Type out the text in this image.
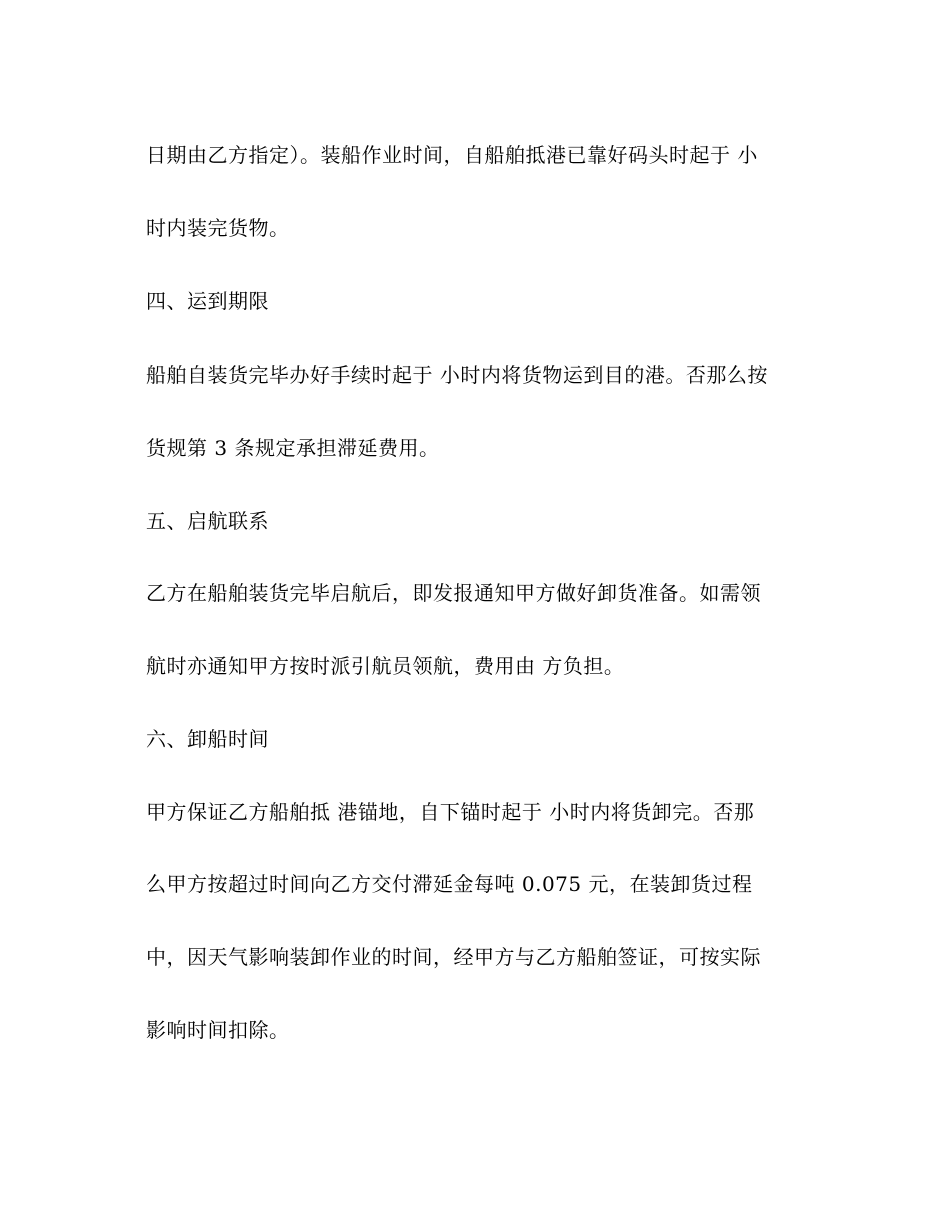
日期由乙方指定）。装船作业时间，自船舶抵港已靠好码头时起于 小
时内装完货物。
四、运到期限
船舶自装货完毕办好手续时起于 小时内将货物运到目的港。否那么按
货规第 3 条规定承担滞延费用。
五、启航联系
乙方在船舶装货完毕启航后，即发报通知甲方做好卸货准备。如需领
航时亦通知甲方按时派引航员领航，费用由 方负担。
六、卸船时间
甲方保证乙方船舶抵 港锚地，自下锚时起于 小时内将货卸完。否那
么甲方按超过时间向乙方交付滞延金每吨 0.075 元，在装卸货过程
中，因天气影响装卸作业的时间，经甲方与乙方船舶签证，可按实际
影响时间扣除。
